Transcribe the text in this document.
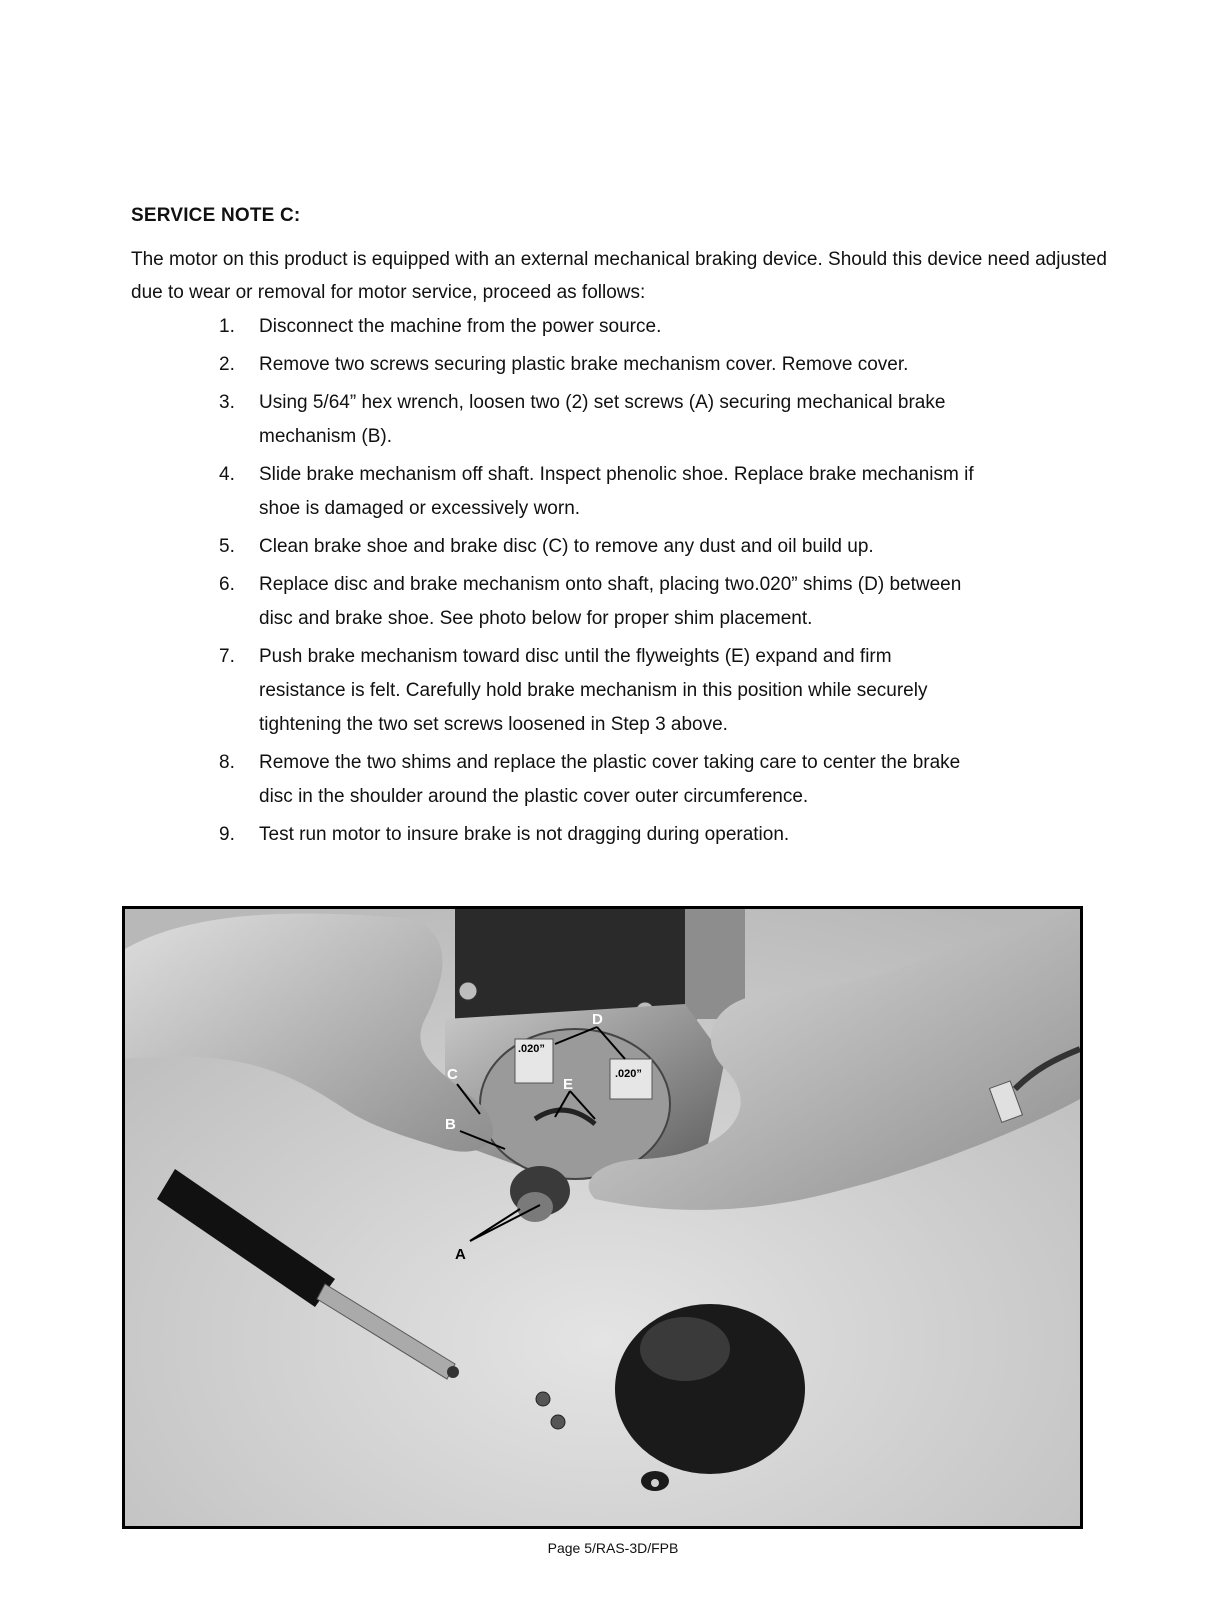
SERVICE NOTE C:
The motor on this product is equipped with an external mechanical braking device. Should this device need adjusted due to wear or removal for motor service, proceed as follows:
1.	Disconnect the machine from the power source.
2.	Remove two screws securing plastic brake mechanism cover. Remove cover.
3.	Using 5/64” hex wrench, loosen two (2) set screws (A) securing mechanical brake mechanism (B).
4.	Slide brake mechanism off shaft. Inspect phenolic shoe. Replace brake mechanism if shoe is damaged or excessively worn.
5.	Clean brake shoe and brake disc (C) to remove any dust and oil build up.
6.	Replace disc and brake mechanism onto shaft, placing two.020” shims (D) between disc and brake shoe. See photo below for proper shim placement.
7.	Push brake mechanism toward disc until the flyweights (E) expand and firm resistance is felt. Carefully hold brake mechanism in this position while securely tightening the two set screws loosened in Step 3 above.
8.	Remove the two shims and replace the plastic cover taking care to center the brake disc in the shoulder around the plastic cover outer circumference.
9.	Test run motor to insure brake is not dragging during operation.
A
B
C
D
E
.020”
.020”
Page 5/RAS-3D/FPB
